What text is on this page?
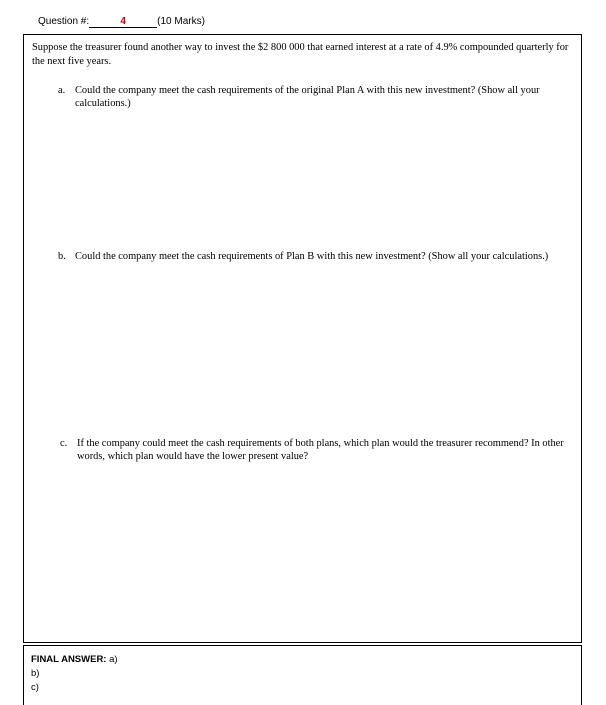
Question #:	4	(10 Marks)
Suppose the treasurer found another way to invest the $2 800 000 that earned interest at a rate of 4.9% compounded quarterly for the next five years.
a. Could the company meet the cash requirements of the original Plan A with this new investment? (Show all your calculations.)
b. Could the company meet the cash requirements of Plan B with this new investment? (Show all your calculations.)
c. If the company could meet the cash requirements of both plans, which plan would the treasurer recommend? In other words, which plan would have the lower present value?
FINAL ANSWER: a)
b)
c)
